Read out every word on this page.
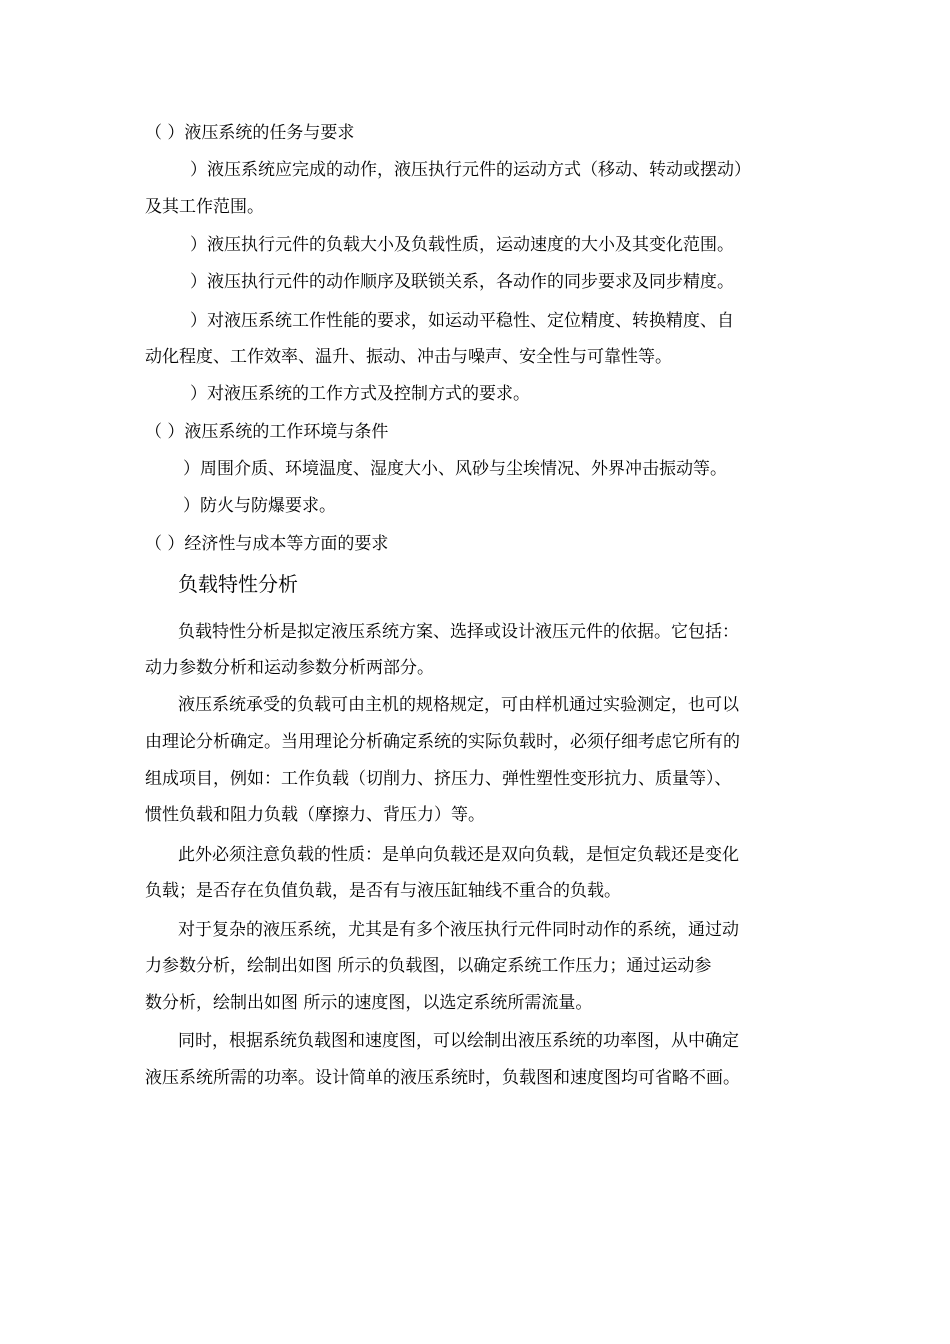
（ ）液压系统的任务与要求
）液压系统应完成的动作，液压执行元件的运动方式（移动、转动或摆动）
及其工作范围。
）液压执行元件的负载大小及负载性质，运动速度的大小及其变化范围。
）液压执行元件的动作顺序及联锁关系，各动作的同步要求及同步精度。
）对液压系统工作性能的要求，如运动平稳性、定位精度、转换精度、自
动化程度、工作效率、温升、振动、冲击与噪声、安全性与可靠性等。
）对液压系统的工作方式及控制方式的要求。
（ ）液压系统的工作环境与条件
）周围介质、环境温度、湿度大小、风砂与尘埃情况、外界冲击振动等。
）防火与防爆要求。
（ ）经济性与成本等方面的要求
负载特性分析
负载特性分析是拟定液压系统方案、选择或设计液压元件的依据。它包括：
动力参数分析和运动参数分析两部分。
液压系统承受的负载可由主机的规格规定，可由样机通过实验测定，也可以
由理论分析确定。当用理论分析确定系统的实际负载时，必须仔细考虑它所有的
组成项目，例如：工作负载（切削力、挤压力、弹性塑性变形抗力、质量等）、
惯性负载和阻力负载（摩擦力、背压力）等。
此外必须注意负载的性质：是单向负载还是双向负载，是恒定负载还是变化
负载；是否存在负值负载，是否有与液压缸轴线不重合的负载。
对于复杂的液压系统，尤其是有多个液压执行元件同时动作的系统，通过动
力参数分析，绘制出如图 所示的负载图，以确定系统工作压力；通过运动参
数分析，绘制出如图 所示的速度图，以选定系统所需流量。
同时，根据系统负载图和速度图，可以绘制出液压系统的功率图，从中确定
液压系统所需的功率。设计简单的液压系统时，负载图和速度图均可省略不画。
